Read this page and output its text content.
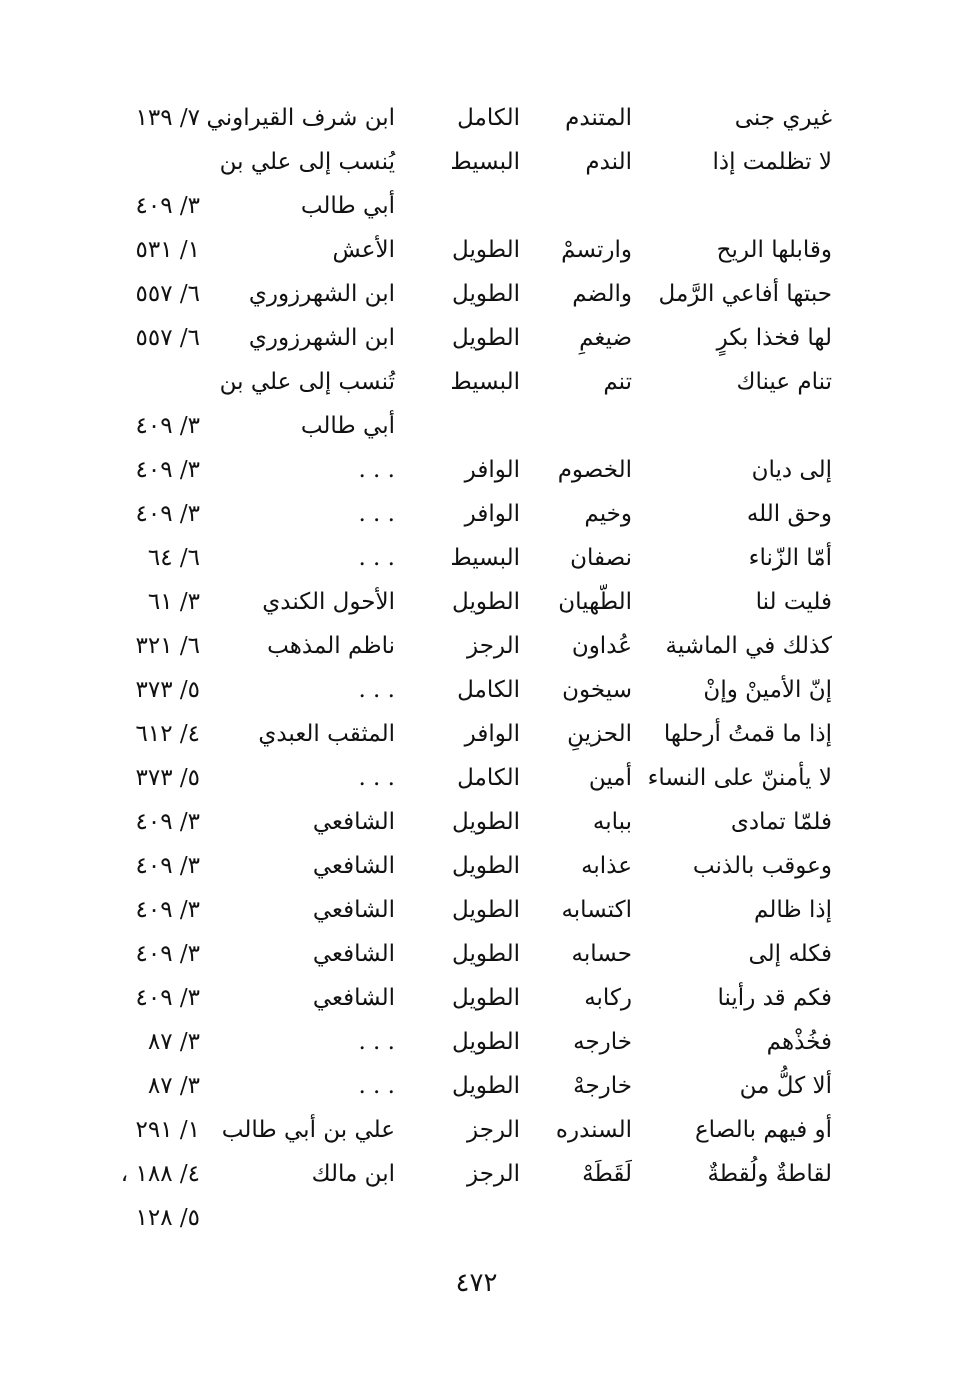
غيري جنى
المتندم
الكامل
ابن شرف القيراوني
٧/ ١٣٩
لا تظلمت إذا
الندم
البسيط
يُنسب إلى علي بن
أبي طالب
٣/ ٤٠٩
وقابلها الريح
وارتسمْ
الطويل
الأعش
١/ ٥٣١
حبتها أفاعي الرَّمل
والضم
الطويل
ابن الشهرزوري
٦/ ٥٥٧
لها فخذا بكرٍ
ضيغمِ
الطويل
ابن الشهرزوري
٦/ ٥٥٧
تنام عيناك
تنم
البسيط
تُنسب إلى علي بن
أبي طالب
٣/ ٤٠٩
إلى ديان
الخصوم
الوافر
. . .
٣/ ٤٠٩
وحق الله
وخيم
الوافر
. . .
٣/ ٤٠٩
أمّا الزّناء
نصفان
البسيط
. . .
٦/ ٦٤
فليت لنا
الطّهيان
الطويل
الأحول الكندي
٣/ ٦١
كذلك في الماشية
عُداون
الرجز
ناظم المذهب
٦/ ٣٢١
إنّ الأمينْ وإنْ
سيخون
الكامل
. . .
٥/ ٣٧٣
إذا ما قمتُ أرحلها
الحزينِ
الوافر
المثقب العبدي
٤/ ٦١٢
لا يأمننّ على النساء
أمين
الكامل
. . .
٥/ ٣٧٣
فلمّا تمادى
ببابه
الطويل
الشافعي
٣/ ٤٠٩
وعوقب بالذنب
عذابه
الطويل
الشافعي
٣/ ٤٠٩
إذا ظالم
اكتسابه
الطويل
الشافعي
٣/ ٤٠٩
فكله إلى
حسابه
الطويل
الشافعي
٣/ ٤٠٩
فكم قد رأينا
ركابه
الطويل
الشافعي
٣/ ٤٠٩
فخُذْهم
خارجه
الطويل
. . .
٣/ ٨٧
ألا كلُّ من
خارجهْ
الطويل
. . .
٣/ ٨٧
أو فيهم بالصاع
السندره
الرجز
علي بن أبي طالب
١/ ٢٩١
لقاطةٌ ولُقطةٌ
لَقَطَهْ
الرجز
ابن مالك
٤/ ١٨٨ ،
٥/ ١٢٨
٤٧٢
